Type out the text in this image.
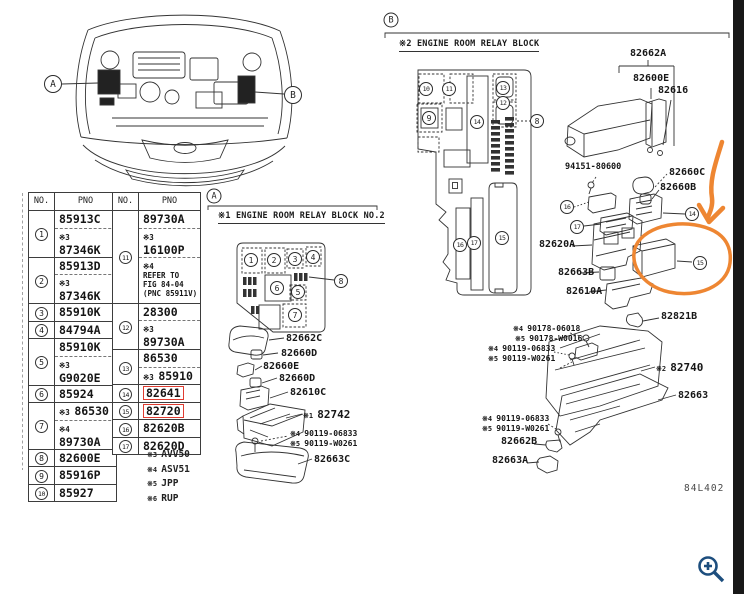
※1 ENGINE ROOM RELAY BLOCK NO.2
※2 ENGINE ROOM RELAY BLOCK
NO.	PNO
1	85913C
	※3 87346K
2	85913D
	※3 87346K
3	85910K
4	84794A
5	85910K
	※3 G9020E
6	85924
7	※3 86530
	※4 89730A
8	82600E
9	85916P
10	85927
NO.	PNO
11	89730A
	※3 16100P
	※4
REFER TO
FIG 84-04
(PNC 85911V)

12	28300
	※3 89730A
13	86530
	※3 85910
14	82641
15	82720
16	82620B
17	82620D
※3 AVV50
※4 ASV51
※5 JPP
※6 RUP
82662C
82660D
82660E
82660D
82610C
※1 82742
※4 90119-06833
※5 90119-W0261
82663C
82662A
82600E
82616
94151-80600	82660C
82660B
82620A
82663B
82610A
82821B
※4 90178-06018
※5 90178-W0016
※4 90119-06833
※5 90119-W0261
※2 82740
82663
※4 90119-06833
※5 90119-W0261
82662B
82663A
A
B
A
B
1	2	3	4
6	5
7
8
10	11
9	14
13
12
8
16	17
15
16
17
14
15
84L402
